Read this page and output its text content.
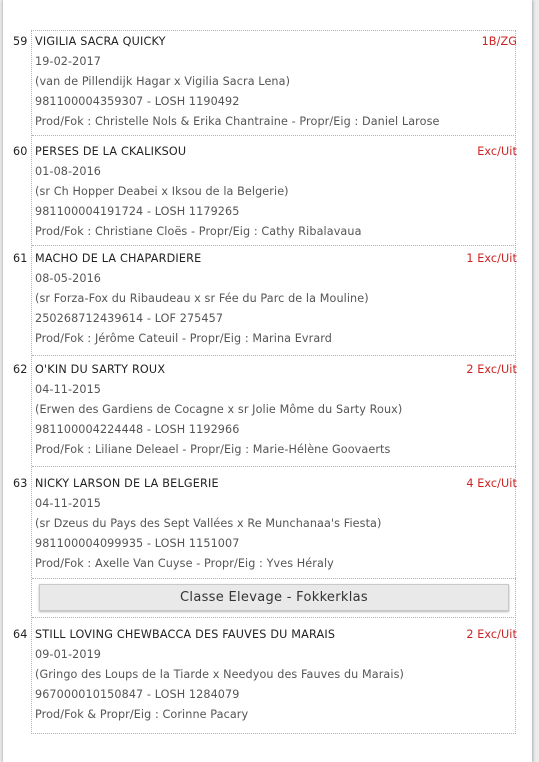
59 VIGILIA SACRA QUICKY	1B/ZG
19-02-2017
(van de Pillendijk Hagar x Vigilia Sacra Lena)
981100004359307 - LOSH 1190492
Prod/Fok : Christelle Nols & Erika Chantraine - Propr/Eig : Daniel Larose
60 PERSES DE LA CKALIKSOU	Exc/Uit
01-08-2016
(sr Ch Hopper Deabei x Iksou de la Belgerie)
981100004191724 - LOSH 1179265
Prod/Fok : Christiane Cloës - Propr/Eig : Cathy Ribalavaua
61 MACHO DE LA CHAPARDIERE	1 Exc/Uit
08-05-2016
(sr Forza-Fox du Ribaudeau x sr Fée du Parc de la Mouline)
250268712439614 - LOF 275457
Prod/Fok : Jérôme Cateuil - Propr/Eig : Marina Evrard
62 O'KIN DU SARTY ROUX	2 Exc/Uit
04-11-2015
(Erwen des Gardiens de Cocagne x sr Jolie Môme du Sarty Roux)
981100004224448 - LOSH 1192966
Prod/Fok : Liliane Deleael - Propr/Eig : Marie-Hélène Goovaerts
63 NICKY LARSON DE LA BELGERIE	4 Exc/Uit
04-11-2015
(sr Dzeus du Pays des Sept Vallées x Re Munchanaa's Fiesta)
981100004099935 - LOSH 1151007
Prod/Fok : Axelle Van Cuyse - Propr/Eig : Yves Héraly
Classe Elevage - Fokkerklas
64 STILL LOVING CHEWBACCA DES FAUVES DU MARAIS	2 Exc/Uit
09-01-2019
(Gringo des Loups de la Tiarde x Needyou des Fauves du Marais)
967000010150847 - LOSH 1284079
Prod/Fok & Propr/Eig : Corinne Pacary
